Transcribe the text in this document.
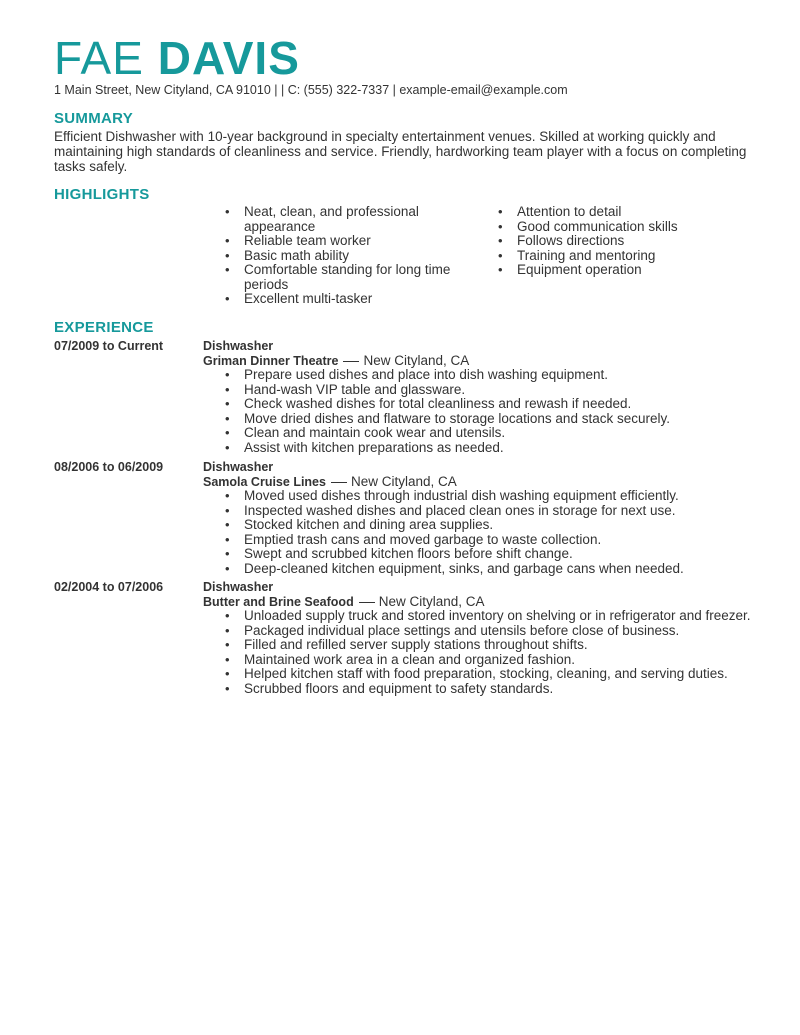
FAE DAVIS
1 Main Street, New Cityland, CA 91010 | | C: (555) 322-7337 | example-email@example.com
SUMMARY
Efficient Dishwasher with 10-year background in specialty entertainment venues. Skilled at working quickly and maintaining high standards of cleanliness and service. Friendly, hardworking team player with a focus on completing tasks safely.
HIGHLIGHTS
• Neat, clean, and professional appearance
• Reliable team worker
• Basic math ability
• Comfortable standing for long time periods
• Excellent multi-tasker
• Attention to detail
• Good communication skills
• Follows directions
• Training and mentoring
• Equipment operation
EXPERIENCE
07/2009 to Current	Dishwasher
Griman Dinner Theatre New Cityland, CA
• Prepare used dishes and place into dish washing equipment.
• Hand-wash VIP table and glassware.
• Check washed dishes for total cleanliness and rewash if needed.
• Move dried dishes and flatware to storage locations and stack securely.
• Clean and maintain cook wear and utensils.
• Assist with kitchen preparations as needed.
08/2006 to 06/2009	Dishwasher
Samola Cruise Lines New Cityland, CA
• Moved used dishes through industrial dish washing equipment efficiently.
• Inspected washed dishes and placed clean ones in storage for next use.
• Stocked kitchen and dining area supplies.
• Emptied trash cans and moved garbage to waste collection.
• Swept and scrubbed kitchen floors before shift change.
• Deep-cleaned kitchen equipment, sinks, and garbage cans when needed.
02/2004 to 07/2006	Dishwasher
Butter and Brine Seafood New Cityland, CA
• Unloaded supply truck and stored inventory on shelving or in refrigerator and freezer.
• Packaged individual place settings and utensils before close of business.
• Filled and refilled server supply stations throughout shifts.
• Maintained work area in a clean and organized fashion.
• Helped kitchen staff with food preparation, stocking, cleaning, and serving duties.
• Scrubbed floors and equipment to safety standards.
